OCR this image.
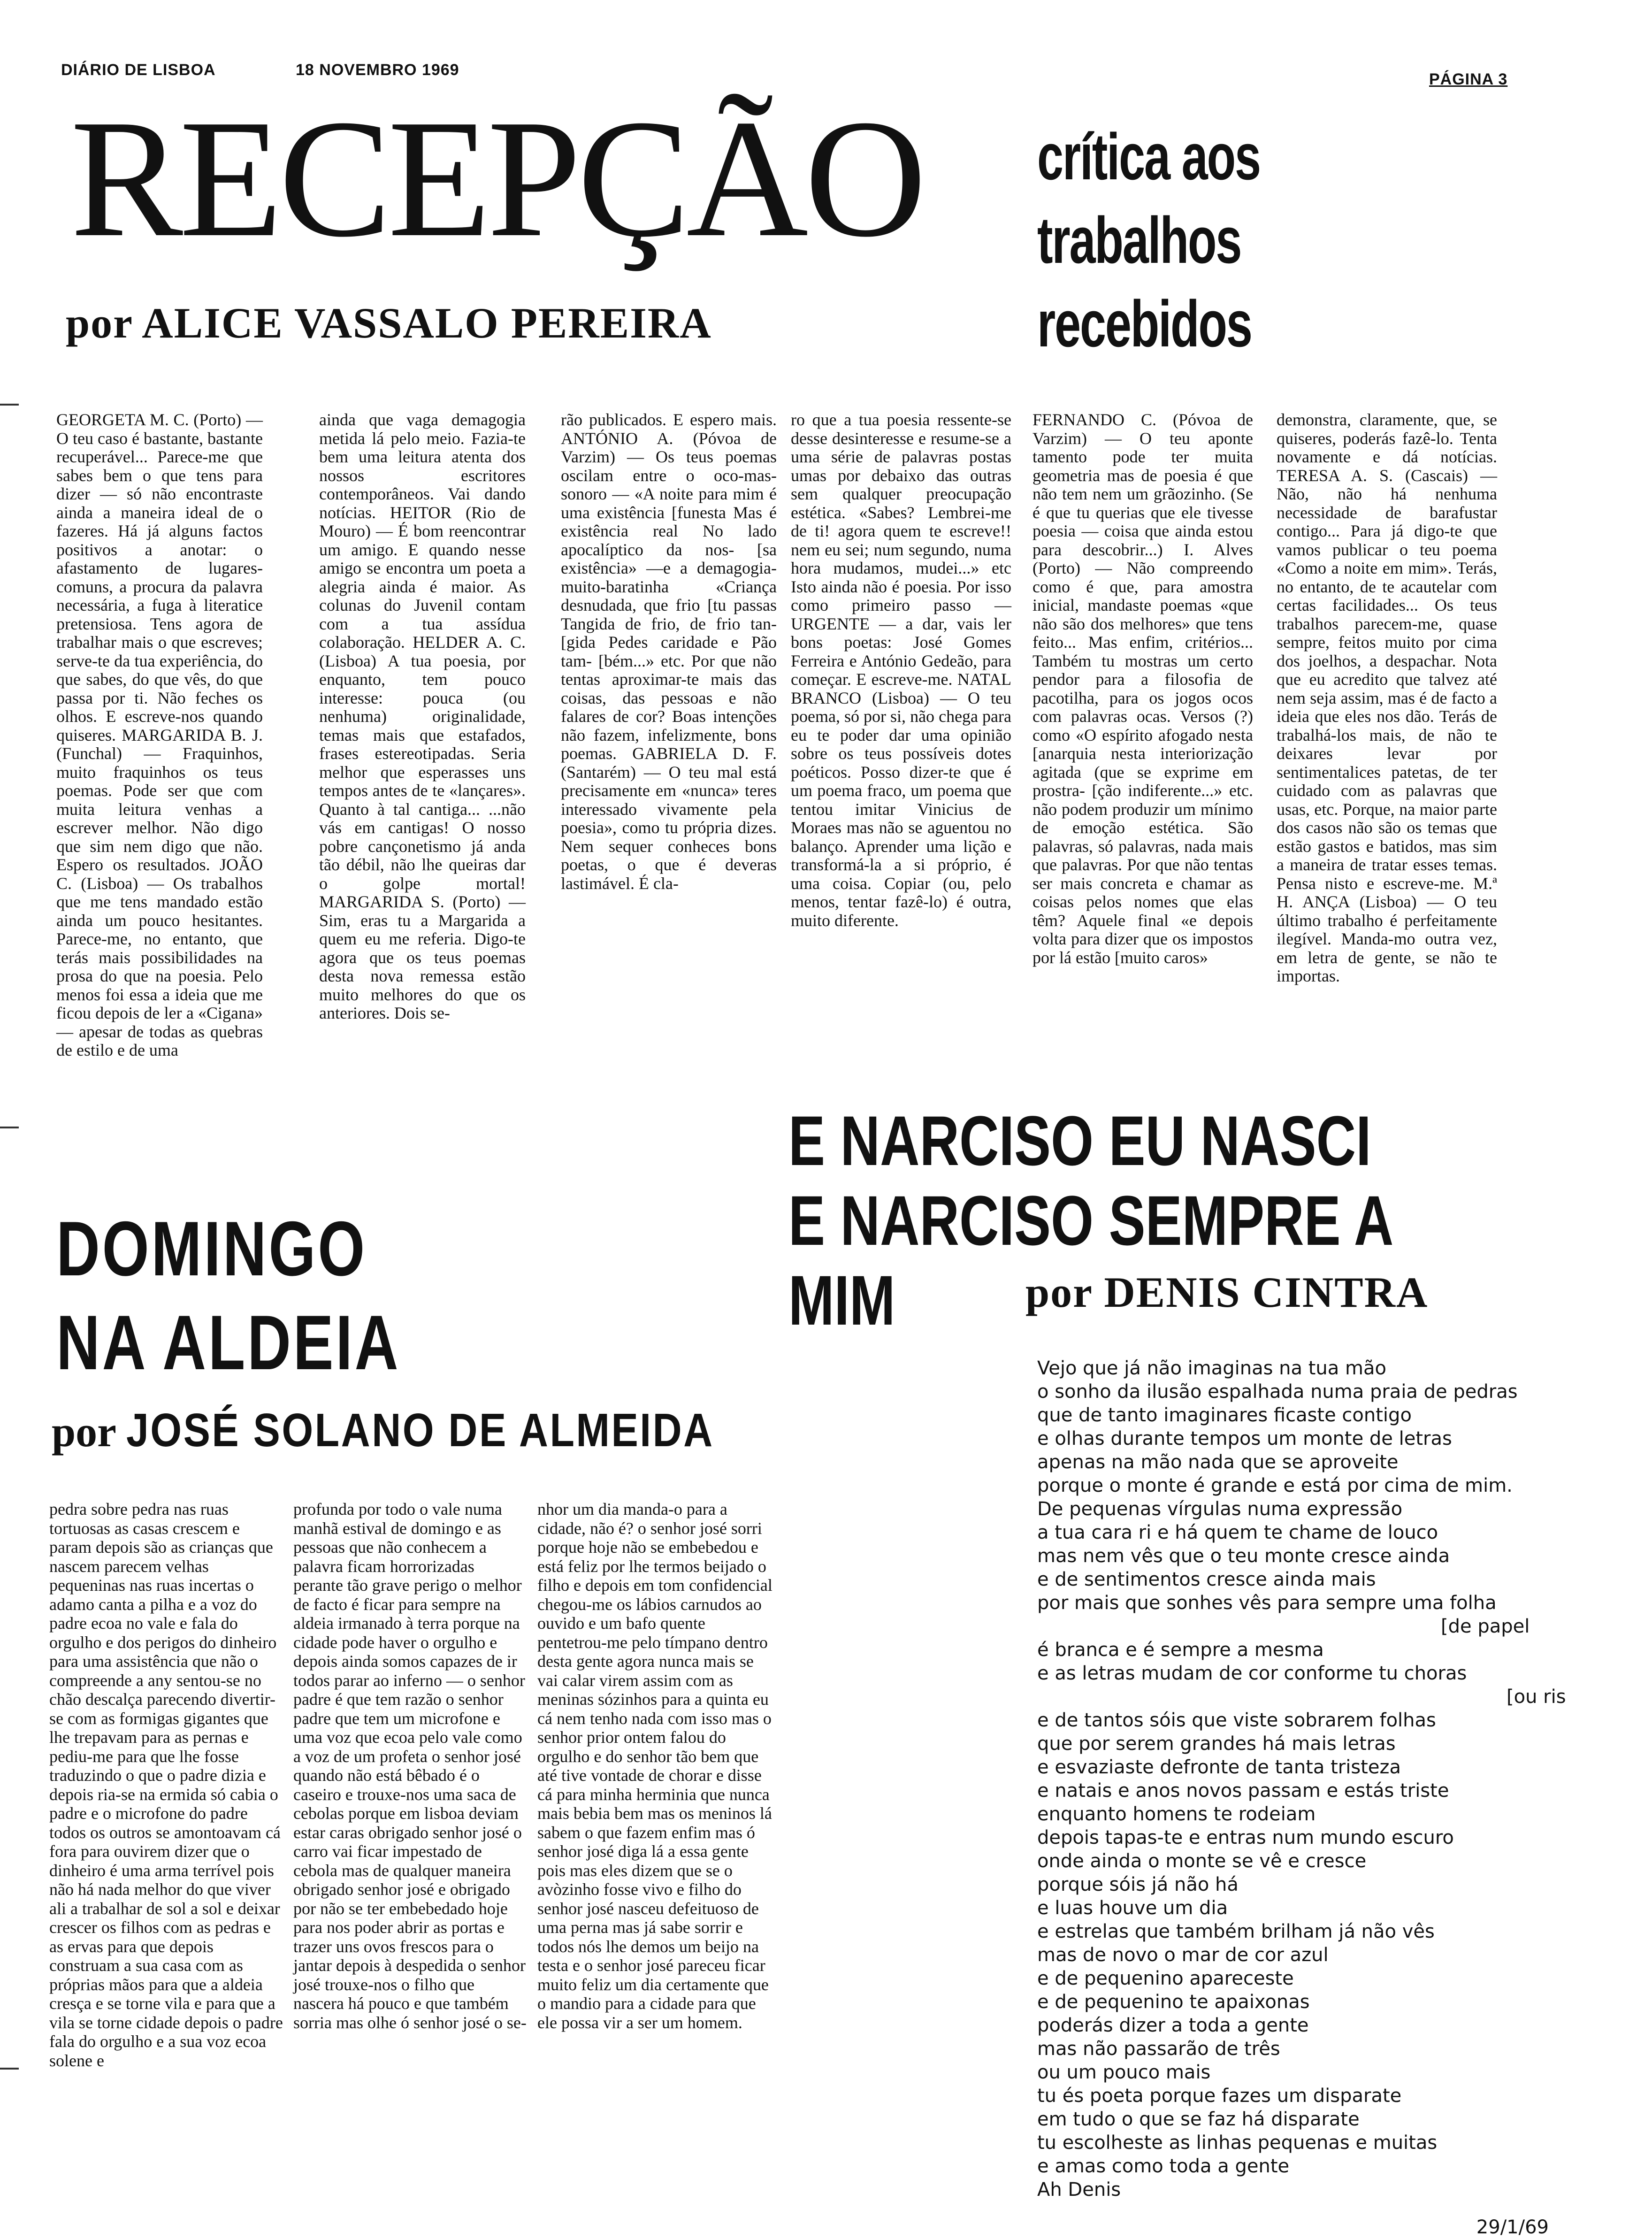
DIÁRIO DE LISBOA	18 NOVEMBRO 1969
PÁGINA 3
RECEPÇÃO crítica aos trabalhos
recebidos
por ALICE VASSALO PEREIRA
GEORGETA M. C. (Porto) — O teu caso é bastante, bastante recuperável... Parece-me que sabes bem o que tens para dizer — só não encontraste ainda a maneira ideal de o fazeres. Há já alguns factos positivos a anotar: o afastamento de lugares-comuns, a procura da palavra necessária, a fuga à literatice pretensiosa. Tens agora de trabalhar mais o que escreves; serve-te da tua experiência, do que sabes, do que vês, do que passa por ti. Não feches os olhos. E escreve-nos quando quiseres. MARGARIDA B. J. (Funchal) — Fraquinhos, muito fraquinhos os teus poemas. Pode ser que com muita leitura venhas a escrever melhor. Não digo que sim nem digo que não. Espero os resultados. JOÃO C. (Lisboa) — Os trabalhos que me tens mandado estão ainda um pouco hesitantes. Parece-me, no entanto, que terás mais possibilidades na prosa do que na poesia. Pelo menos foi essa a ideia que me ficou depois de ler a «Cigana» — apesar de todas as quebras de estilo e de uma
ainda que vaga demagogia metida lá pelo meio. Fazia-te bem uma leitura atenta dos nossos escritores contemporâneos. Vai dando notícias. HEITOR (Rio de Mouro) — É bom reencontrar um amigo. E quando nesse amigo se encontra um poeta a alegria ainda é maior. As colunas do Juvenil contam com a tua assídua colaboração. HELDER A. C. (Lisboa) A tua poesia, por enquanto, tem pouco interesse: pouca (ou nenhuma) originalidade, temas mais que estafados, frases estereotipadas. Seria melhor que esperasses uns tempos antes de te «lançares». Quanto à tal cantiga... ...não vás em cantigas! O nosso pobre cançonetismo já anda tão débil, não lhe queiras dar o golpe mortal! MARGARIDA S. (Porto) — Sim, eras tu a Margarida a quem eu me referia. Digo-te agora que os teus poemas desta nova remessa estão muito melhores do que os anteriores. Dois se-
rão publicados. E espero mais. ANTÓNIO A. (Póvoa de Varzim) — Os teus poemas oscilam entre o oco-mas-sonoro — «A noite para mim é uma existência [funesta Mas é existência real No lado apocalíptico da nos- [sa existência» —e a demagogia-muito-baratinha «Criança desnudada, que frio [tu passas Tangida de frio, de frio tan- [gida Pedes caridade e Pão tam- [bém...» etc. Por que não tentas aproximar-te mais das coisas, das pessoas e não falares de cor? Boas intenções não fazem, infelizmente, bons poemas. GABRIELA D. F. (Santarém) — O teu mal está precisamente em «nunca» teres interessado vivamente pela poesia», como tu própria dizes. Nem sequer conheces bons poetas, o que é deveras lastimável. É cla-
ro que a tua poesia ressente-se desse desinteresse e resume-se a uma série de palavras postas umas por debaixo das outras sem qualquer preocupação estética. «Sabes? Lembrei-me de ti! agora quem te escreve!! nem eu sei; num segundo, numa hora mudamos, mudei...» etc Isto ainda não é poesia. Por isso como primeiro passo — URGENTE — a dar, vais ler bons poetas: José Gomes Ferreira e António Gedeão, para começar. E escreve-me. NATAL BRANCO (Lisboa) — O teu poema, só por si, não chega para eu te poder dar uma opinião sobre os teus possíveis dotes poéticos. Posso dizer-te que é um poema fraco, um poema que tentou imitar Vinicius de Moraes mas não se aguentou no balanço. Aprender uma lição e transformá-la a si próprio, é uma coisa. Copiar (ou, pelo menos, tentar fazê-lo) é outra, muito diferente.
FERNANDO C. (Póvoa de Varzim) — O teu aponte tamento pode ter muita geometria mas de poesia é que não tem nem um grãozinho. (Se é que tu querias que ele tivesse poesia — coisa que ainda estou para descobrir...) I. Alves (Porto) — Não compreendo como é que, para amostra inicial, mandaste poemas «que não são dos melhores» que tens feito... Mas enfim, critérios... Também tu mostras um certo pendor para a filosofia de pacotilha, para os jogos ocos com palavras ocas. Versos (?) como «O espírito afogado nesta [anarquia nesta interiorização agitada (que se exprime em prostra- [ção indiferente...» etc. não podem produzir um mínimo de emoção estética. São palavras, só palavras, nada mais que palavras. Por que não tentas ser mais concreta e chamar as coisas pelos nomes que elas têm? Aquele final «e depois volta para dizer que os impostos por lá estão [muito caros»
demonstra, claramente, que, se quiseres, poderás fazê-lo. Tenta novamente e dá notícias. TERESA A. S. (Cascais) — Não, não há nenhuma necessidade de barafustar contigo... Para já digo-te que vamos publicar o teu poema «Como a noite em mim». Terás, no entanto, de te acautelar com certas facilidades... Os teus trabalhos parecem-me, quase sempre, feitos muito por cima dos joelhos, a despachar. Nota que eu acredito que talvez até nem seja assim, mas é de facto a ideia que eles nos dão. Terás de trabalhá-los mais, de não te deixares levar por sentimentalices patetas, de ter cuidado com as palavras que usas, etc. Porque, na maior parte dos casos não são os temas que estão gastos e batidos, mas sim a maneira de tratar esses temas. Pensa nisto e escreve-me. M.ª H. ANÇA (Lisboa) — O teu último trabalho é perfeitamente ilegível. Manda-mo outra vez, em letra de gente, se não te importas.
E NARCISO EU NASCI
E NARCISO SEMPRE A MIM	por DENIS CINTRA
DOMINGO
NA ALDEIA
por JOSÉ SOLANO DE ALMEIDA
pedra sobre pedra nas ruas tortuosas as casas crescem e param depois são as crianças que nascem parecem velhas pequeninas nas ruas incertas o adamo canta a pilha e a voz do padre ecoa no vale e fala do orgulho e dos perigos do dinheiro para uma assistência que não o compreende a any sentou-se no chão descalça parecendo divertir-se com as formigas gigantes que lhe trepavam para as pernas e pediu-me para que lhe fosse traduzindo o que o padre dizia e depois ria-se na ermida só cabia o padre e o microfone do padre todos os outros se amontoavam cá fora para ouvirem dizer que o dinheiro é uma arma terrível pois não há nada melhor do que viver ali a trabalhar de sol a sol e deixar crescer os filhos com as pedras e as ervas para que depois construam a sua casa com as próprias mãos para que a aldeia cresça e se torne vila e para que a vila se torne cidade depois o padre fala do orgulho e a sua voz ecoa solene e
profunda por todo o vale numa manhã estival de domingo e as pessoas que não conhecem a palavra ficam horrorizadas perante tão grave perigo o melhor de facto é ficar para sempre na aldeia irmanado à terra porque na cidade pode haver o orgulho e depois ainda somos capazes de ir todos parar ao inferno — o senhor padre é que tem razão o senhor padre que tem um microfone e uma voz que ecoa pelo vale como a voz de um profeta o senhor josé quando não está bêbado é o caseiro e trouxe-nos uma saca de cebolas porque em lisboa deviam estar caras obrigado senhor josé o carro vai ficar impestado de cebola mas de qualquer maneira obrigado senhor josé e obrigado por não se ter embebedado hoje para nos poder abrir as portas e trazer uns ovos frescos para o jantar depois à despedida o senhor josé trouxe-nos o filho que nascera há pouco e que também sorria mas olhe ó senhor josé o se-
nhor um dia manda-o para a cidade, não é? o senhor josé sorri porque hoje não se embebedou e está feliz por lhe termos beijado o filho e depois em tom confidencial chegou-me os lábios carnudos ao ouvido e um bafo quente pentetrou-me pelo tímpano dentro desta gente agora nunca mais se vai calar virem assim com as meninas sózinhos para a quinta eu cá nem tenho nada com isso mas o senhor prior ontem falou do orgulho e do senhor tão bem que até tive vontade de chorar e disse cá para minha herminia que nunca mais bebia bem mas os meninos lá sabem o que fazem enfim mas ó senhor josé diga lá a essa gente pois mas eles dizem que se o avòzinho fosse vivo e filho do senhor josé nasceu defeituoso de uma perna mas já sabe sorrir e todos nós lhe demos um beijo na testa e o senhor josé pareceu ficar muito feliz um dia certamente que o mandio para a cidade para que ele possa vir a ser um homem.
Vejo que já não imaginas na tua mão
o sonho da ilusão espalhada numa praia de pedras
que de tanto imaginares ficaste contigo
e olhas durante tempos um monte de letras
apenas na mão nada que se aproveite
porque o monte é grande e está por cima de mim.
De pequenas vírgulas numa expressão
a tua cara ri e há quem te chame de louco
mas nem vês que o teu monte cresce ainda
e de sentimentos cresce ainda mais
por mais que sonhes vês para sempre uma folha
[de papel
é branca e é sempre a mesma
e as letras mudam de cor conforme tu choras
[ou ris
e de tantos sóis que viste sobrarem folhas
que por serem grandes há mais letras
e esvaziaste defronte de tanta tristeza
e natais e anos novos passam e estás triste
enquanto homens te rodeiam
depois tapas-te e entras num mundo escuro
onde ainda o monte se vê e cresce
porque sóis já não há
e luas houve um dia
e estrelas que também brilham já não vês
mas de novo o mar de cor azul
e de pequenino apareceste
e de pequenino te apaixonas
poderás dizer a toda a gente
mas não passarão de três
ou um pouco mais
tu és poeta porque fazes um disparate
em tudo o que se faz há disparate
tu escolheste as linhas pequenas e muitas
e amas como toda a gente
Ah Denis
29/1/69
